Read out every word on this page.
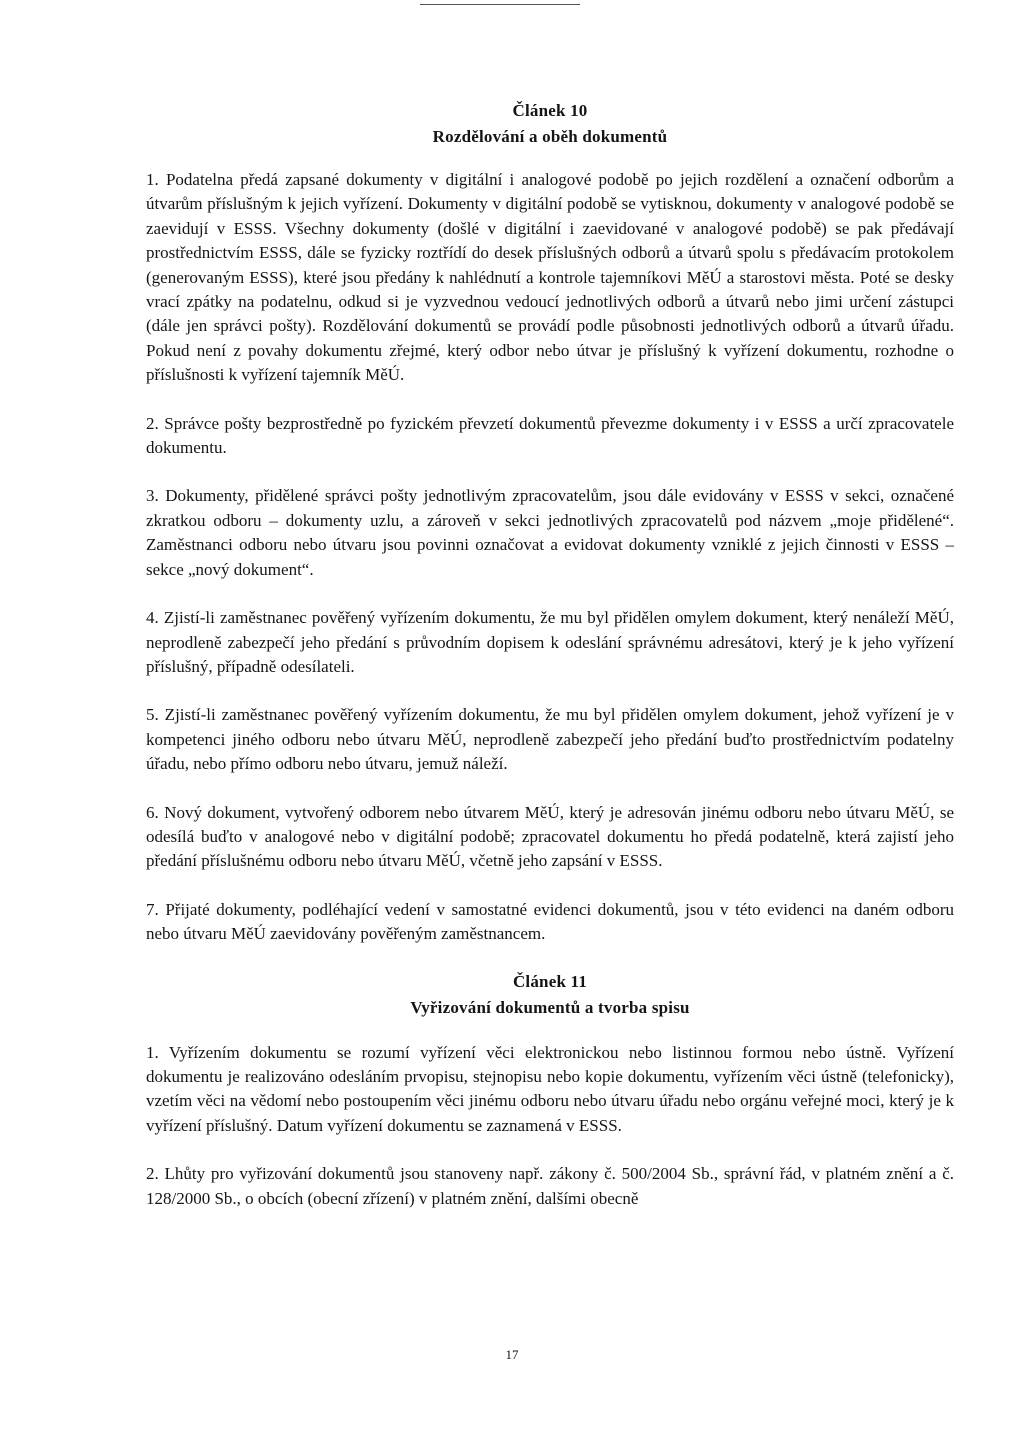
Článek 10
Rozdělování a oběh dokumentů

1. Podatelna předá zapsané dokumenty v digitální i analogové podobě po jejich rozdělení a označení odborům a útvarům příslušným k jejich vyřízení. Dokumenty v digitální podobě se vytisknou, dokumenty v analogové podobě se zaevidují v ESSS. Všechny dokumenty (došlé v digitální i zaevidované v analogové podobě) se pak předávají prostřednictvím ESSS, dále se fyzicky roztřídí do desek příslušných odborů a útvarů spolu s předávacím protokolem (generovaným ESSS), které jsou předány k nahlédnutí a kontrole tajemníkovi MěÚ a starostovi města. Poté se desky vrací zpátky na podatelnu, odkud si je vyzvednou vedoucí jednotlivých odborů a útvarů nebo jimi určení zástupci (dále jen správci pošty). Rozdělování dokumentů se provádí podle působnosti jednotlivých odborů a útvarů úřadu. Pokud není z povahy dokumentu zřejmé, který odbor nebo útvar je příslušný k vyřízení dokumentu, rozhodne o příslušnosti k vyřízení tajemník MěÚ.

2. Správce pošty bezprostředně po fyzickém převzetí dokumentů převezme dokumenty i v ESSS a určí zpracovatele dokumentu.

3. Dokumenty, přidělené správci pošty jednotlivým zpracovatelům, jsou dále evidovány v ESSS v sekci, označené zkratkou odboru – dokumenty uzlu, a zároveň v sekci jednotlivých zpracovatelů pod názvem „moje přidělené“. Zaměstnanci odboru nebo útvaru jsou povinni označovat a evidovat dokumenty vzniklé z jejich činnosti v ESSS – sekce „nový dokument“.

4. Zjistí-li zaměstnanec pověřený vyřízením dokumentu, že mu byl přidělen omylem dokument, který nenáleží MěÚ, neprodleně zabezpečí jeho předání s průvodním dopisem k odeslání správnému adresátovi, který je k jeho vyřízení příslušný, případně odesílateli.

5. Zjistí-li zaměstnanec pověřený vyřízením dokumentu, že mu byl přidělen omylem dokument, jehož vyřízení je v kompetenci jiného odboru nebo útvaru MěÚ, neprodleně zabezpečí jeho předání buďto prostřednictvím podatelny úřadu, nebo přímo odboru nebo útvaru, jemuž náleží.

6. Nový dokument, vytvořený odborem nebo útvarem MěÚ, který je adresován jinému odboru nebo útvaru MěÚ, se odesílá buďto v analogové nebo v digitální podobě; zpracovatel dokumentu ho předá podatelně, která zajistí jeho předání příslušnému odboru nebo útvaru MěÚ, včetně jeho zapsání v ESSS.

7. Přijaté dokumenty, podléhající vedení v samostatné evidenci dokumentů, jsou v této evidenci na daném odboru nebo útvaru MěÚ zaevidovány pověřeným zaměstnancem.

Článek 11
Vyřizování dokumentů a tvorba spisu

1. Vyřízením dokumentu se rozumí vyřízení věci elektronickou nebo listinnou formou nebo ústně. Vyřízení dokumentu je realizováno odesláním prvopisu, stejnopisu nebo kopie dokumentu, vyřízením věci ústně (telefonicky), vzetím věci na vědomí nebo postoupením věci jinému odboru nebo útvaru úřadu nebo orgánu veřejné moci, který je k vyřízení příslušný. Datum vyřízení dokumentu se zaznamená v ESSS.

2. Lhůty pro vyřizování dokumentů jsou stanoveny např. zákony č. 500/2004 Sb., správní řád, v platném znění a č. 128/2000 Sb., o obcích (obecní zřízení) v platném znění, dalšími obecně

17
